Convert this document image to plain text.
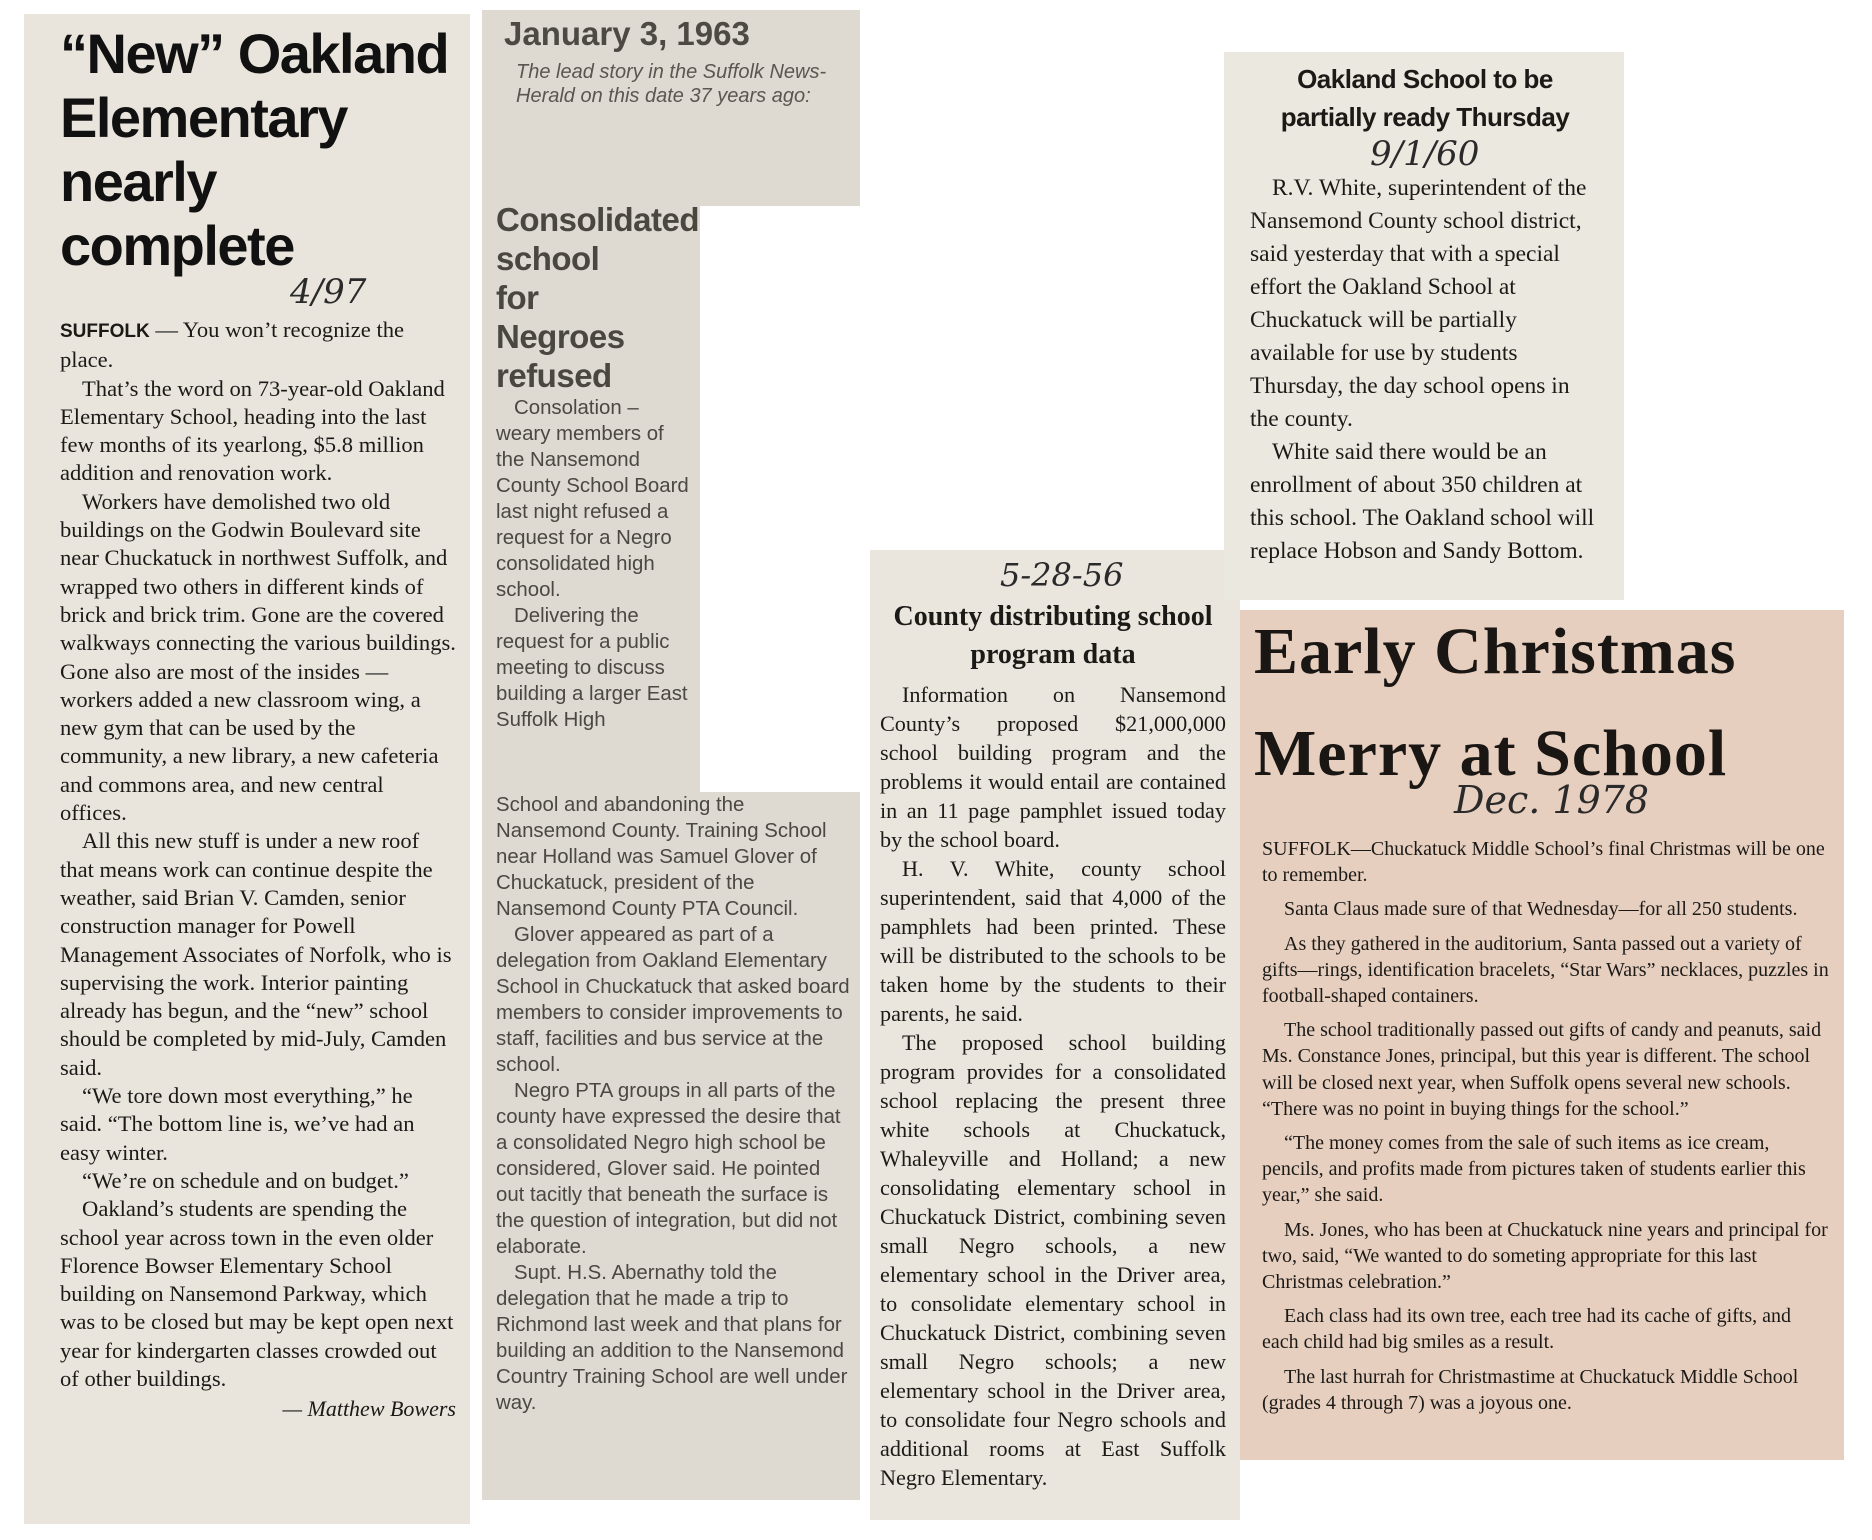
“New” Oakland Elementary nearly complete
4/97

SUFFOLK — You won’t recognize the place.

That’s the word on 73-year-old Oakland Elementary School, heading into the last few months of its yearlong, $5.8 million addition and renovation work.

Workers have demolished two old buildings on the Godwin Boulevard site near Chuckatuck in northwest Suffolk, and wrapped two others in different kinds of brick and brick trim. Gone are the covered walkways connecting the various buildings. Gone also are most of the insides — workers added a new classroom wing, a new gym that can be used by the community, a new library, a new cafeteria and commons area, and new central offices.

All this new stuff is under a new roof that means work can continue despite the weather, said Brian V. Camden, senior construction manager for Powell Management Associates of Norfolk, who is supervising the work. Interior painting already has begun, and the “new” school should be completed by mid-July, Camden said.

“We tore down most everything,” he said. “The bottom line is, we’ve had an easy winter.

“We’re on schedule and on budget.”

Oakland’s students are spending the school year across town in the even older Florence Bowser Elementary School building on Nansemond Parkway, which was to be closed but may be kept open next year for kindergarten classes crowded out of other buildings.

— Matthew Bowers
January 3, 1963
The lead story in the Suffolk News-Herald on this date 37 years ago:
Consolidated
school
for
Negroes
refused

Consolation – weary members of the Nansemond County School Board last night refused a request for a Negro consolidated high school.

Delivering the request for a public meeting to discuss building a larger East Suffolk High

School and abandoning the Nansemond County. Training School near Holland was Samuel Glover of Chuckatuck, president of the Nansemond County PTA Council.

Glover appeared as part of a delegation from Oakland Elementary School in Chuckatuck that asked board members to consider improvements to staff, facilities and bus service at the school.

Negro PTA groups in all parts of the county have expressed the desire that a consolidated Negro high school be considered, Glover said. He pointed out tacitly that beneath the surface is the question of integration, but did not elaborate.

Supt. H.S. Abernathy told the delegation that he made a trip to Richmond last week and that plans for building an addition to the Nansemond Country Training School are well under way.

5-28-56
County distributing school program data

Information on Nansemond County’s proposed $21,000,000 school building program and the problems it would entail are contained in an 11 page pamphlet issued today by the school board.

H. V. White, county school superintendent, said that 4,000 of the pamphlets had been printed. These will be distributed to the schools to be taken home by the students to their parents, he said.

The proposed school building program provides for a consolidated school replacing the present three white schools at Chuckatuck, Whaleyville and Holland; a new consolidating elementary school in Chuckatuck District, combining seven small Negro schools, a new elementary school in the Driver area, to consolidate elementary school in Chuckatuck District, combining seven small Negro schools; a new elementary school in the Driver area, to consolidate four Negro schools and additional rooms at East Suffolk Negro Elementary.

Oakland School to be partially ready Thursday
9/1/60

R.V. White, superintendent of the Nansemond County school district, said yesterday that with a special effort the Oakland School at Chuckatuck will be partially available for use by students Thursday, the day school opens in the county.

White said there would be an enrollment of about 350 children at this school. The Oakland school will replace Hobson and Sandy Bottom.

Early Christmas
Merry at School
Dec. 1978

SUFFOLK—Chuckatuck Middle School’s final Christmas will be one to remember.

Santa Claus made sure of that Wednesday—for all 250 students.

As they gathered in the auditorium, Santa passed out a variety of gifts—rings, identification bracelets, “Star Wars” necklaces, puzzles in football-shaped containers.

The school traditionally passed out gifts of candy and peanuts, said Ms. Constance Jones, principal, but this year is different. The school will be closed next year, when Suffolk opens several new schools. “There was no point in buying things for the school.”

“The money comes from the sale of such items as ice cream, pencils, and profits made from pictures taken of students earlier this year,” she said.

Ms. Jones, who has been at Chuckatuck nine years and principal for two, said, “We wanted to do someting appropriate for this last Christmas celebration.”

Each class had its own tree, each tree had its cache of gifts, and each child had big smiles as a result.

The last hurrah for Christmastime at Chuckatuck Middle School (grades 4 through 7) was a joyous one.
